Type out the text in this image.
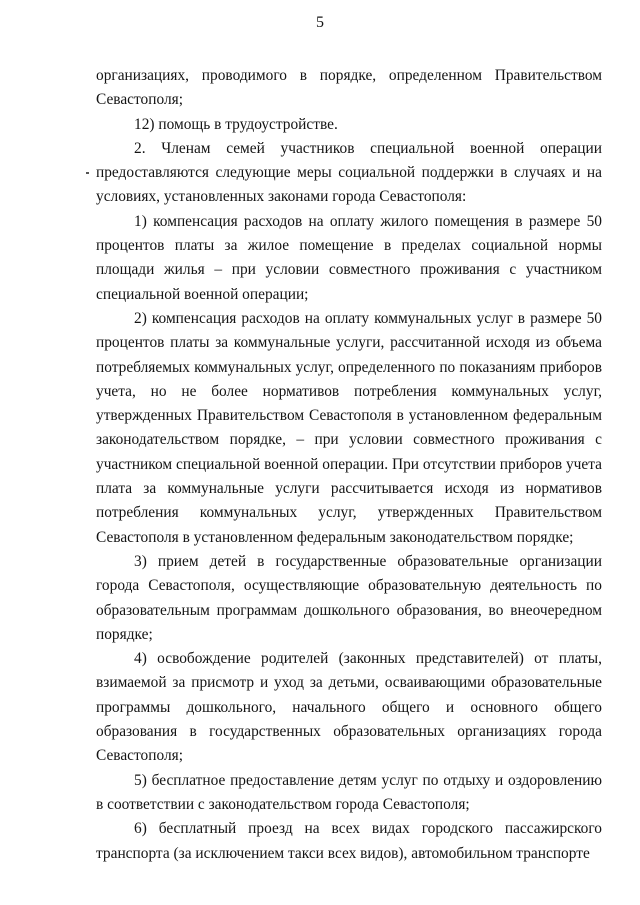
5

организациях, проводимого в порядке, определенном Правительством Севастополя;

12) помощь в трудоустройстве.

2. Членам семей участников специальной военной операции предоставляются следующие меры социальной поддержки в случаях и на условиях, установленных законами города Севастополя:

1) компенсация расходов на оплату жилого помещения в размере 50 процентов платы за жилое помещение в пределах социальной нормы площади жилья – при условии совместного проживания с участником специальной военной операции;

2) компенсация расходов на оплату коммунальных услуг в размере 50 процентов платы за коммунальные услуги, рассчитанной исходя из объема потребляемых коммунальных услуг, определенного по показаниям приборов учета, но не более нормативов потребления коммунальных услуг, утвержденных Правительством Севастополя в установленном федеральным законодательством порядке, – при условии совместного проживания с участником специальной военной операции. При отсутствии приборов учета плата за коммунальные услуги рассчитывается исходя из нормативов потребления коммунальных услуг, утвержденных Правительством Севастополя в установленном федеральным законодательством порядке;

3) прием детей в государственные образовательные организации города Севастополя, осуществляющие образовательную деятельность по образовательным программам дошкольного образования, во внеочередном порядке;

4) освобождение родителей (законных представителей) от платы, взимаемой за присмотр и уход за детьми, осваивающими образовательные программы дошкольного, начального общего и основного общего образования в государственных образовательных организациях города Севастополя;

5) бесплатное предоставление детям услуг по отдыху и оздоровлению в соответствии с законодательством города Севастополя;

6) бесплатный проезд на всех видах городского пассажирского транспорта (за исключением такси всех видов), автомобильном транспорте
